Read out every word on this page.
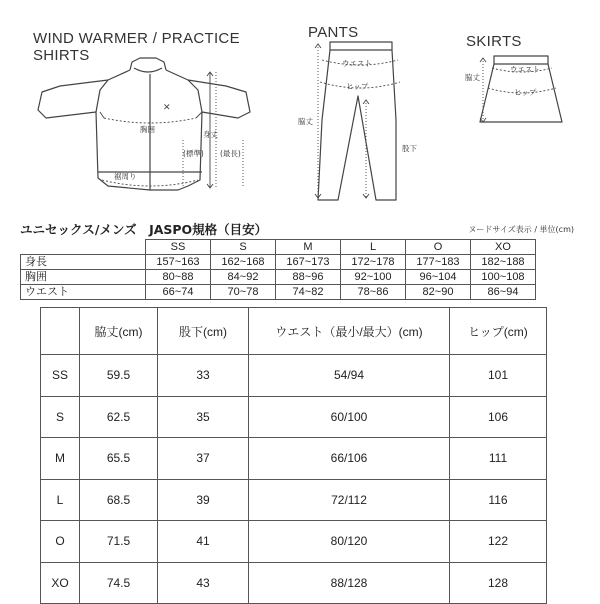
WIND WARMER / PRACTICE
SHIRTS
✕
胸囲
身丈
(標準) (最長)
裾周り
PANTS
ウエスト
ヒップ
脇丈
股下
SKIRTS
ウエスト
ヒップ
脇丈
ユニセックス/メンズ　JASPO規格（目安）	ヌードサイズ表示 / 単位(cm)
	SS	S	M	L	O	XO
身長	157~163	162~168	167~173	172~178	177~183	182~188
胸囲	80~88	84~92	88~96	92~100	96~104	100~108
ウエスト	66~74	70~78	74~82	78~86	82~90	86~94
	脇丈(cm)	股下(cm)	ウエスト（最小/最大）(cm)	ヒップ(cm)
SS	59.5	33	54/94	101
S	62.5	35	60/100	106
M	65.5	37	66/106	111
L	68.5	39	72/112	116
O	71.5	41	80/120	122
XO	74.5	43	88/128	128
